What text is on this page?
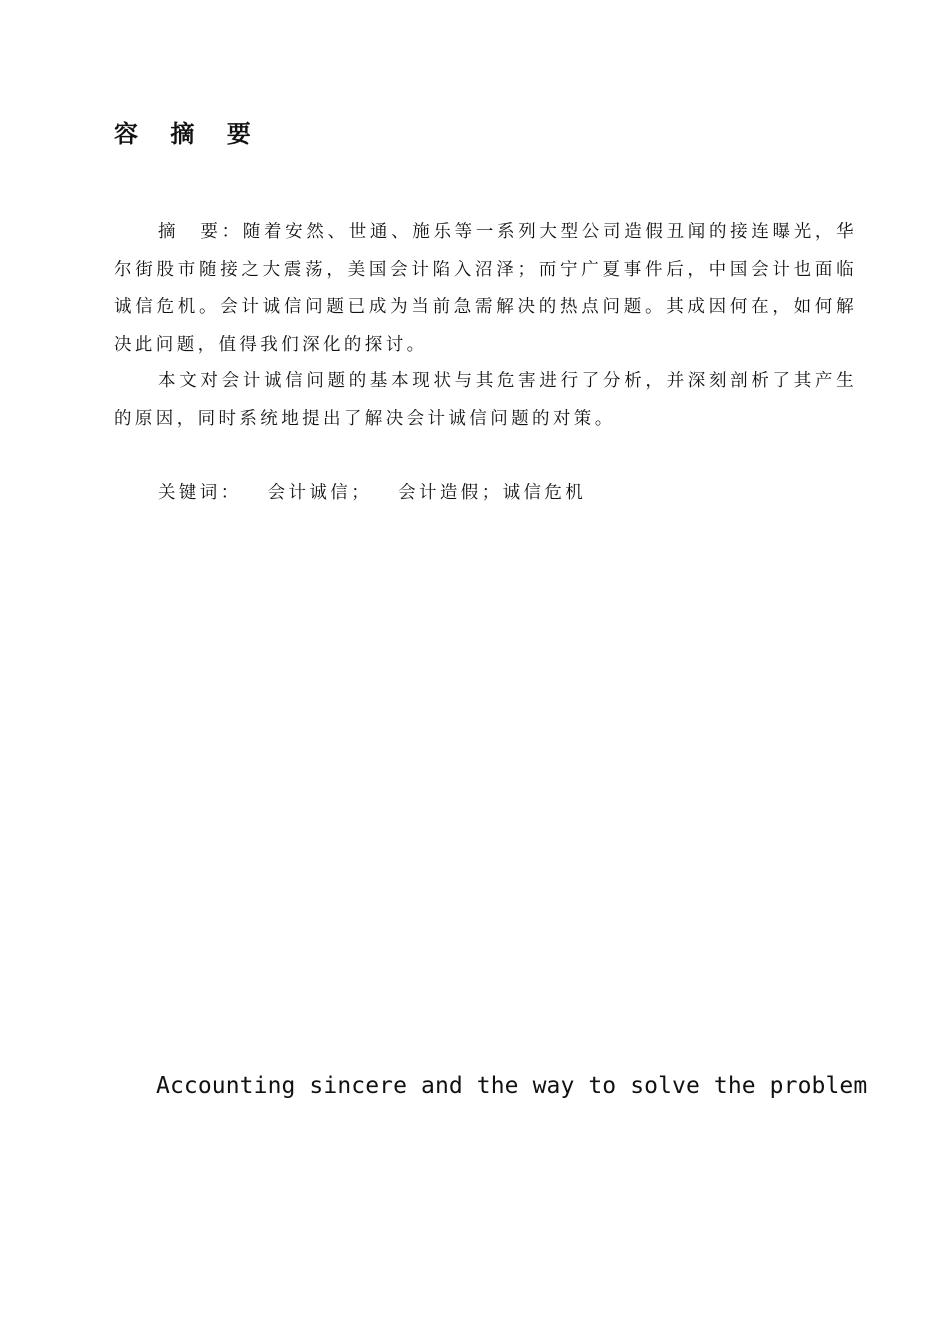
容 摘 要

摘　要：随着安然、世通、施乐等一系列大型公司造假丑闻的接连曝光，华尔街股市随接之大震荡，美国会计陷入沼泽；而宁广夏事件后，中国会计也面临诚信危机。会计诚信问题已成为当前急需解决的热点问题。其成因何在，如何解决此问题，值得我们深化的探讨。

本文对会计诚信问题的基本现状与其危害进行了分析，并深刻剖析了其产生的原因，同时系统地提出了解决会计诚信问题的对策。

关键词： 会计诚信； 会计造假；诚信危机
Accounting sincere and the way to solve the problem
